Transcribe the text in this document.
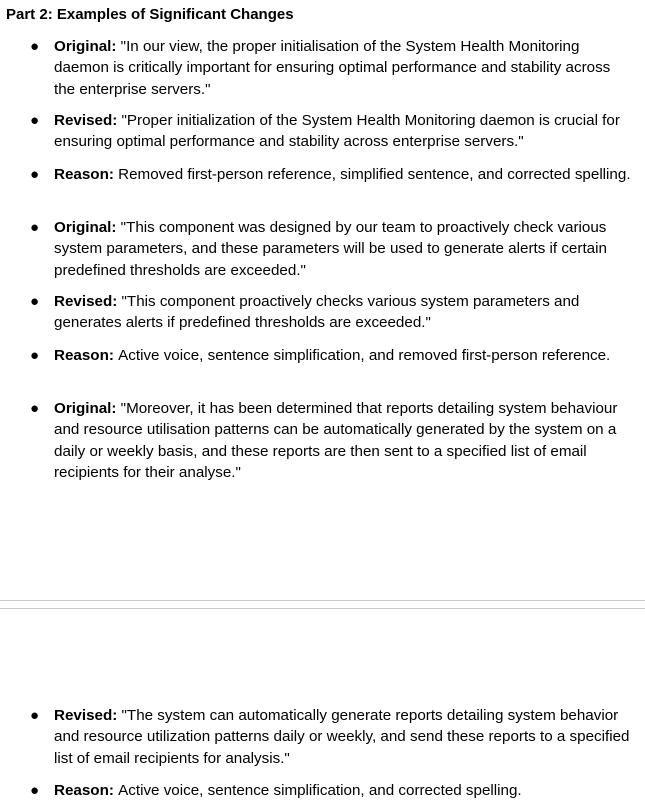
Part 2: Examples of Significant Changes
● Original: "In our view, the proper initialisation of the System Health Monitoring daemon is critically important for ensuring optimal performance and stability across the enterprise servers."
● Revised: "Proper initialization of the System Health Monitoring daemon is crucial for ensuring optimal performance and stability across enterprise servers."
● Reason: Removed first-person reference, simplified sentence, and corrected spelling.
● Original: "This component was designed by our team to proactively check various system parameters, and these parameters will be used to generate alerts if certain predefined thresholds are exceeded."
● Revised: "This component proactively checks various system parameters and generates alerts if predefined thresholds are exceeded."
● Reason: Active voice, sentence simplification, and removed first-person reference.
● Original: "Moreover, it has been determined that reports detailing system behaviour and resource utilisation patterns can be automatically generated by the system on a daily or weekly basis, and these reports are then sent to a specified list of email recipients for their analyse."
● Revised: "The system can automatically generate reports detailing system behavior and resource utilization patterns daily or weekly, and send these reports to a specified list of email recipients for analysis."
● Reason: Active voice, sentence simplification, and corrected spelling.
